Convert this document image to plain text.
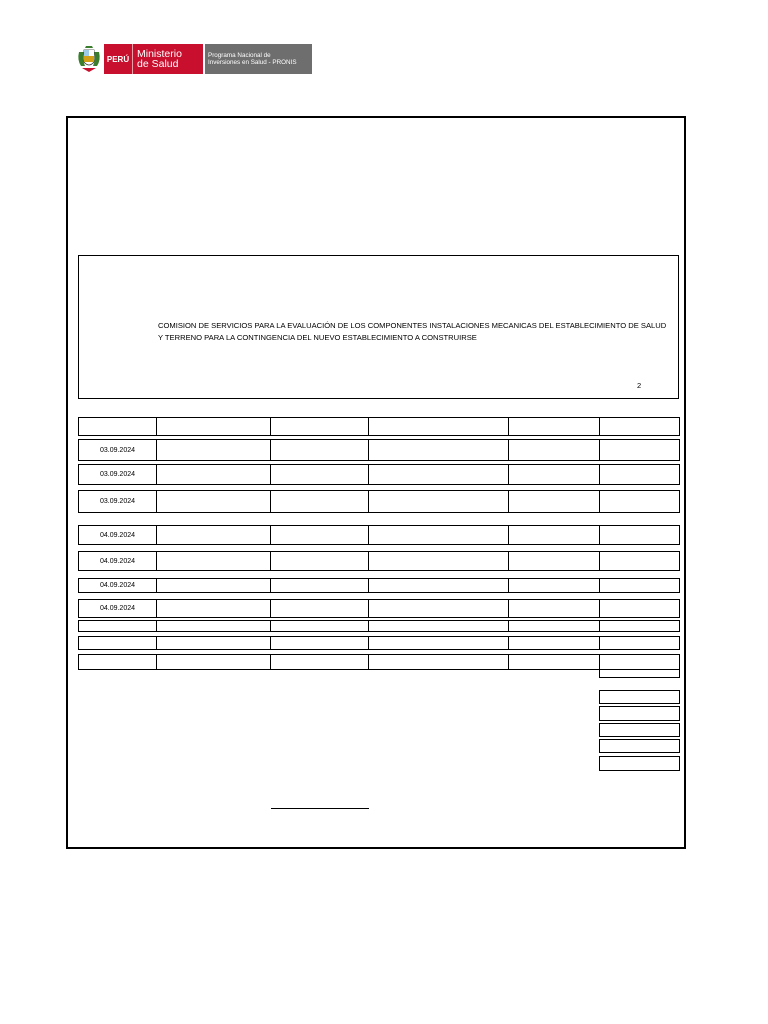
PERÚ Ministerio
de Salud
Programa Nacional de
Inversiones en Salud - PRONIS
COMISION DE SERVICIOS PARA LA EVALUACIÓN DE LOS COMPONENTES INSTALACIONES MECANICAS DEL ESTABLECIMIENTO DE SALUD Y TERRENO PARA LA CONTINGENCIA DEL NUEVO ESTABLECIMIENTO A CONSTRUIRSE
2
03.09.2024
03.09.2024
03.09.2024
04.09.2024
04.09.2024
04.09.2024
04.09.2024
